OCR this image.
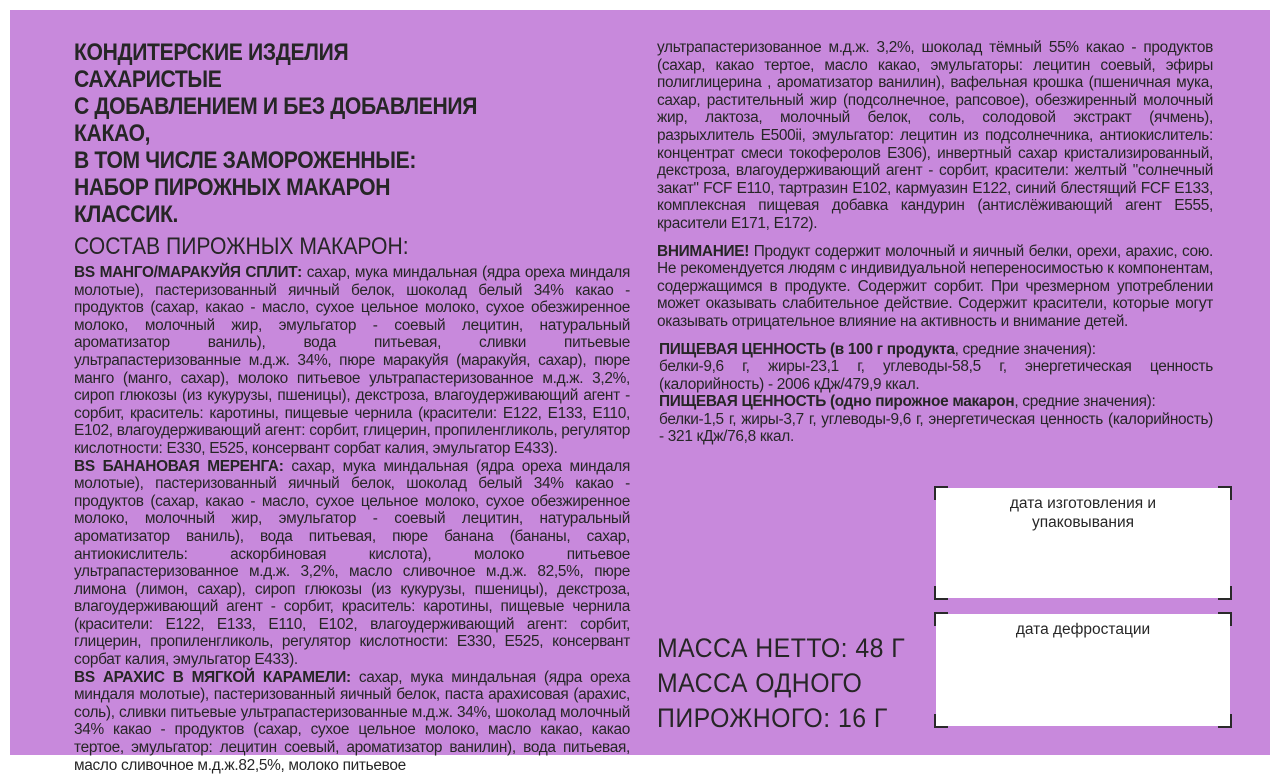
КОНДИТЕРСКИЕ ИЗДЕЛИЯ САХАРИСТЫЕ
С ДОБАВЛЕНИЕМ И БЕЗ ДОБАВЛЕНИЯ КАКАО,
В ТОМ ЧИСЛЕ ЗАМОРОЖЕННЫЕ:
НАБОР ПИРОЖНЫХ МАКАРОН КЛАССИК.
СОСТАВ ПИРОЖНЫХ МАКАРОН:

BS МАНГО/МАРАКУЙЯ СПЛИТ: сахар, мука миндальная (ядра ореха миндаля молотые), пастеризованный яичный белок, шоколад белый 34% какао - продуктов (сахар, какао - масло, сухое цельное молоко, сухое обезжиренное молоко, молочный жир, эмульгатор - соевый лецитин, натуральный ароматизатор ваниль), вода питьевая, сливки питьевые ультрапастеризованные м.д.ж. 34%, пюре маракуйя (маракуйя, сахар), пюре манго (манго, сахар), молоко питьевое ультрапастеризованное м.д.ж. 3,2%, сироп глюкозы (из кукурузы, пшеницы), декстроза, влагоудерживающий агент - сорбит, краситель: каротины, пищевые чернила (красители: Е122, Е133, Е110, Е102, влагоудерживающий агент: сорбит, глицерин, пропиленгликоль, регулятор кислотности: Е330, Е525, консервант сорбат калия, эмульгатор Е433).

BS БАНАНОВАЯ МЕРЕНГА: сахар, мука миндальная (ядра ореха миндаля молотые), пастеризованный яичный белок, шоколад белый 34% какао - продуктов (сахар, какао - масло, сухое цельное молоко, сухое обезжиренное молоко, молочный жир, эмульгатор - соевый лецитин, натуральный ароматизатор ваниль), вода питьевая, пюре банана (бананы, сахар, антиокислитель: аскорбиновая кислота), молоко питьевое ультрапастеризованное м.д.ж. 3,2%, масло сливочное м.д.ж. 82,5%, пюре лимона (лимон, сахар), сироп глюкозы (из кукурузы, пшеницы), декстроза, влагоудерживающий агент - сорбит, краситель: каротины, пищевые чернила (красители: Е122, Е133, Е110, Е102, влагоудерживающий агент: сорбит, глицерин, пропиленгликоль, регулятор кислотности: Е330, Е525, консервант сорбат калия, эмульгатор Е433).

BS АРАХИС В МЯГКОЙ КАРАМЕЛИ: сахар, мука миндальная (ядра ореха миндаля молотые), пастеризованный яичный белок, паста арахисовая (арахис, соль), сливки питьевые ультрапастеризованные м.д.ж. 34%, шоколад молочный 34% какао - продуктов (сахар, сухое цельное молоко, масло какао, какао тертое, эмульгатор: лецитин соевый, ароматизатор ванилин), вода питьевая, масло сливочное м.д.ж.82,5%, молоко питьевое

ультрапастеризованное м.д.ж. 3,2%, шоколад тёмный 55% какао - продуктов (сахар, какао тертое, масло какао, эмульгаторы: лецитин соевый, эфиры полиглицерина , ароматизатор ванилин), вафельная крошка (пшеничная мука, сахар, растительный жир (подсолнечное, рапсовое), обезжиренный молочный жир, лактоза, молочный белок, соль, солодовой экстракт (ячмень), разрыхлитель Е500ii, эмульгатор: лецитин из подсолнечника, антиокислитель: концентрат смеси токоферолов Е306), инвертный сахар кристализированный, декстроза, влагоудерживающий агент - сорбит, красители: желтый "солнечный закат" FCF Е110, тартразин Е102, кармуазин Е122, синий блестящий FCF Е133, комплексная пищевая добавка кандурин (антислёживающий агент Е555, красители Е171, Е172).

ВНИМАНИЕ! Продукт содержит молочный и яичный белки, орехи, арахис, сою. Не рекомендуется людям с индивидуальной непереносимостью к компонентам, содержащимся в продукте. Содержит сорбит. При чрезмерном употреблении может оказывать слабительное действие. Содержит красители, которые могут оказывать отрицательное влияние на активность и внимание детей.

ПИЩЕВАЯ ЦЕННОСТЬ (в 100 г продукта, средние значения):
белки-9,6 г, жиры-23,1 г, углеводы-58,5 г, энергетическая ценность (калорийность) - 2006 кДж/479,9 ккал.

ПИЩЕВАЯ ЦЕННОСТЬ (одно пирожное макарон, средние значения):
белки-1,5 г, жиры-3,7 г, углеводы-9,6 г, энергетическая ценность (калорийность) - 321 кДж/76,8 ккал.

МАССА НЕТТО: 48 Г
МАССА ОДНОГО
ПИРОЖНОГО: 16 Г
дата изготовления и упаковывания
дата дефростации
